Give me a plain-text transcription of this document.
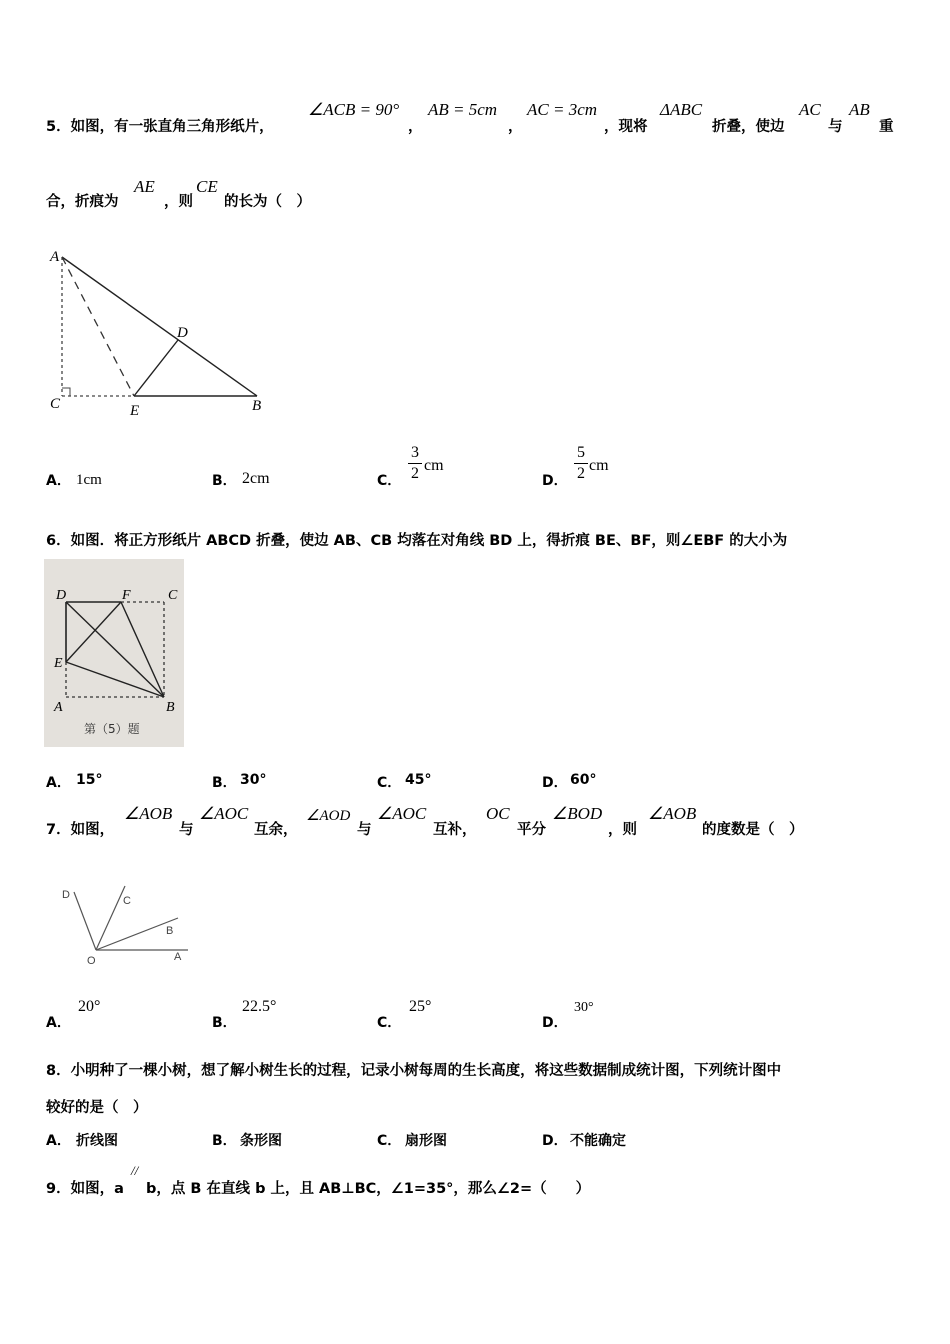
5．如图，有一张直角三角形纸片，
∠ACB = 90°
，
AB = 5cm
，
AC = 3cm
，现将
ΔABC
折叠，使边
AC
与
AB
重
合，折痕为
AE
，则
CE
的长为（　）
A
D
C	E	B
A． 1cm	B． 2cm	C．
3
2 cm
D．
5
2 cm
6．如图．将正方形纸片 ABCD 折叠，使边 AB、CB 均落在对角线 BD 上，得折痕 BE、BF，则∠EBF 的大小为
D	F	C
E
A	B
第（5）题
A． 15°	B． 30°	C． 45°	D． 60°
7．如图，
∠AOB
与
∠AOC
互余，
∠AOD
与
∠AOC
互补，
OC
平分
∠BOD
，则
∠AOB
的度数是（　）
D	C
B
O	A
A．
20°
B．
22.5°
C．
25°
D．
30°
8．小明种了一棵小树，想了解小树生长的过程，记录小树每周的生长高度，将这些数据制成统计图，下列统计图中
较好的是（　）
A． 折线图	B． 条形图	C． 扇形图	D． 不能确定
9．如图，a
//
b，点 B 在直线 b 上，且 AB⊥BC，∠1=35°，那么∠2=（　　）
